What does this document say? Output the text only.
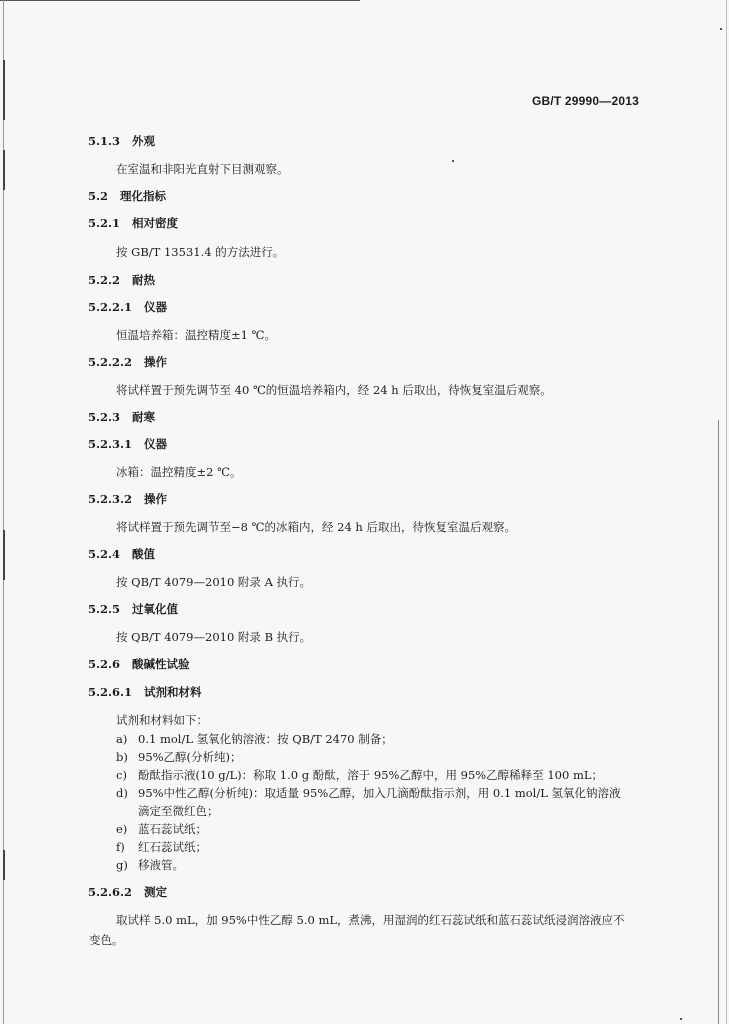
GB/T 29990—2013
5.1.3 外观
在室温和非阳光直射下目测观察。
5.2 理化指标
5.2.1 相对密度
按 GB/T 13531.4 的方法进行。
5.2.2 耐热
5.2.2.1 仪器
恒温培养箱：温控精度±1 ℃。
5.2.2.2 操作
将试样置于预先调节至 40 ℃的恒温培养箱内，经 24 h 后取出，待恢复室温后观察。
5.2.3 耐寒
5.2.3.1 仪器
冰箱：温控精度±2 ℃。
5.2.3.2 操作
将试样置于预先调节至−8 ℃的冰箱内，经 24 h 后取出，待恢复室温后观察。
5.2.4 酸值
按 QB/T 4079—2010 附录 A 执行。
5.2.5 过氧化值
按 QB/T 4079—2010 附录 B 执行。
5.2.6 酸碱性试验
5.2.6.1 试剂和材料
试剂和材料如下：
a) 0.1 mol/L 氢氧化钠溶液：按 QB/T 2470 制备；
b) 95%乙醇(分析纯)；
c) 酚酞指示液(10 g/L)：称取 1.0 g 酚酞，溶于 95%乙醇中，用 95%乙醇稀释至 100 mL；
d) 95%中性乙醇(分析纯)：取适量 95%乙醇，加入几滴酚酞指示剂，用 0.1 mol/L 氢氧化钠溶液
滴定至微红色；
e) 蓝石蕊试纸；
f) 红石蕊试纸；
g) 移液管。
5.2.6.2 测定
取试样 5.0 mL，加 95%中性乙醇 5.0 mL，煮沸，用湿润的红石蕊试纸和蓝石蕊试纸浸润溶液应不
变色。
